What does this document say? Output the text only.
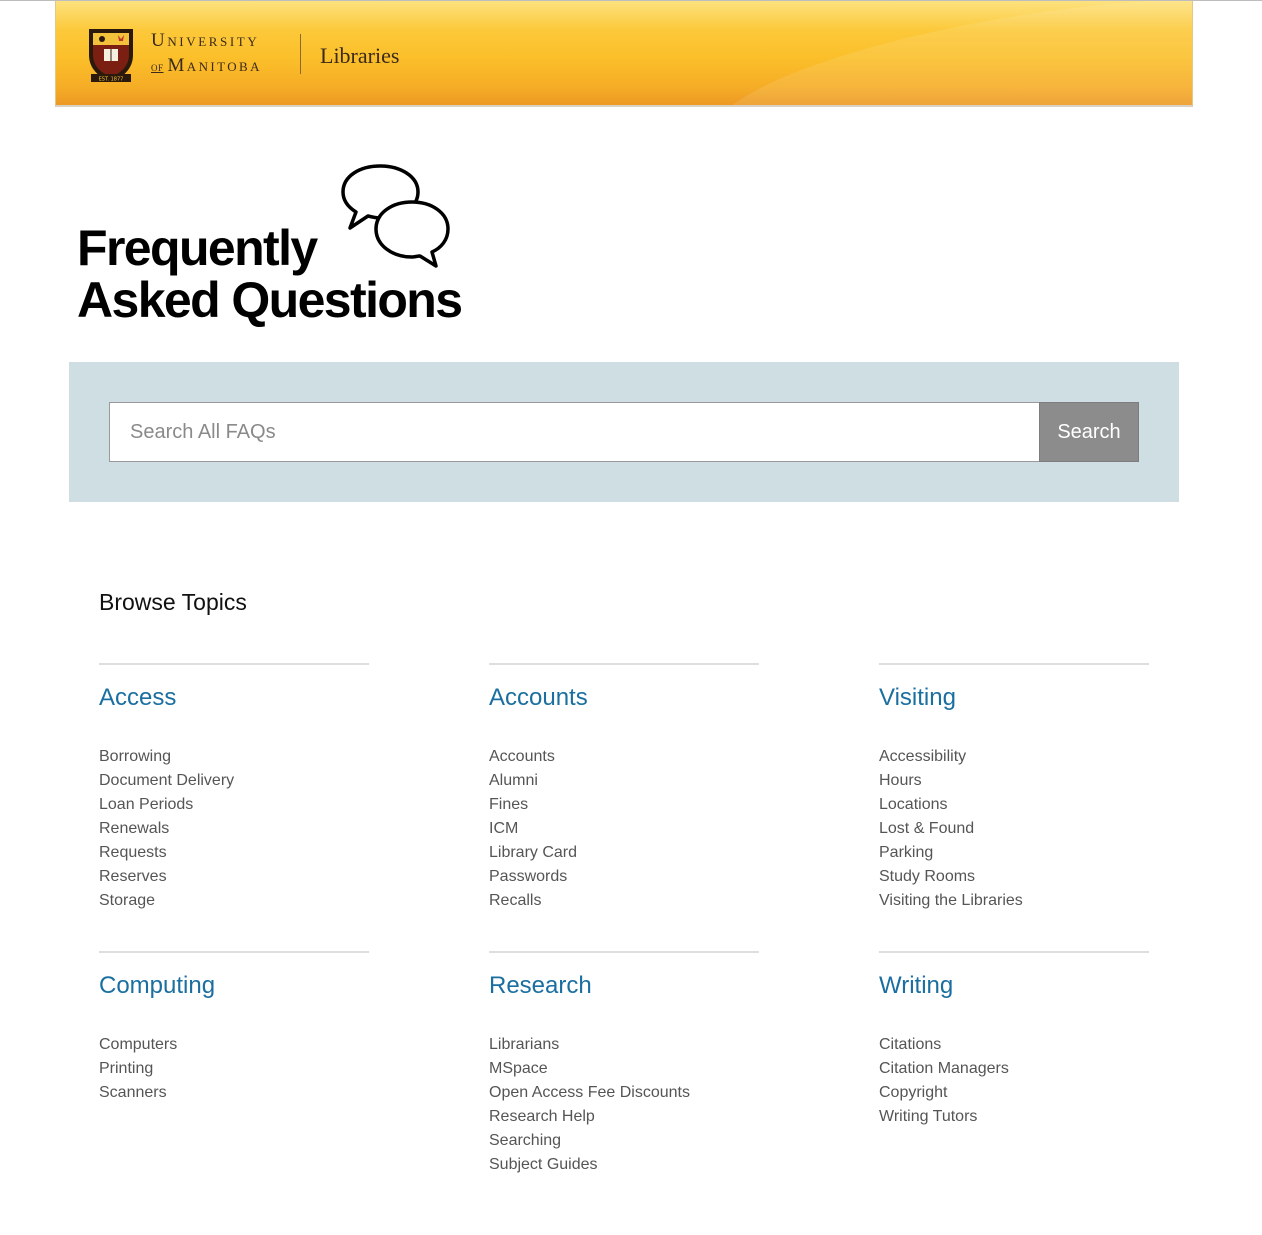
EST. 1877
University
of Manitoba	Libraries
Frequently
Asked Questions
Search All FAQs
Search
Browse Topics
Access
Borrowing
Document Delivery
Loan Periods
Renewals
Requests
Reserves
Storage
Accounts
Accounts
Alumni
Fines
ICM
Library Card
Passwords
Recalls
Visiting
Accessibility
Hours
Locations
Lost & Found
Parking
Study Rooms
Visiting the Libraries
Computing
Computers
Printing
Scanners
Research
Librarians
MSpace
Open Access Fee Discounts
Research Help
Searching
Subject Guides
Writing
Citations
Citation Managers
Copyright
Writing Tutors
